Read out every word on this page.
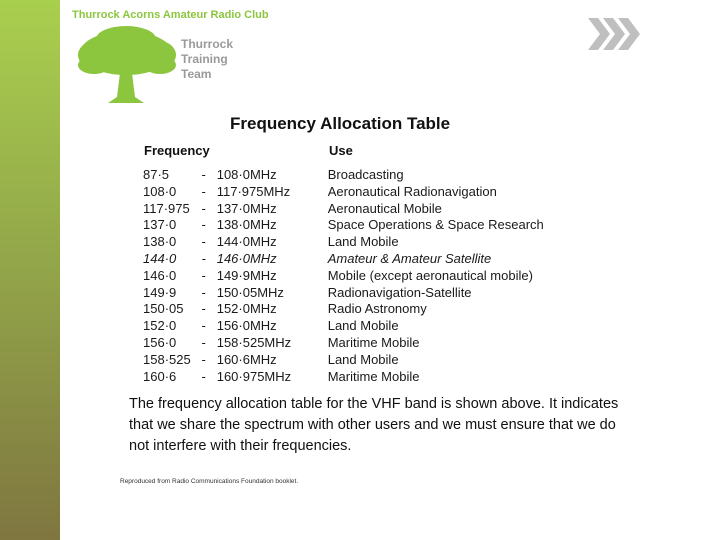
Thurrock Acorns Amateur Radio Club
Thurrock
Training
Team
Frequency Allocation Table
Frequency	Use
87·5	-	108·0MHz	Broadcasting
108·0	-	117·975MHz	Aeronautical Radionavigation
117·975	-	137·0MHz	Aeronautical Mobile
137·0	-	138·0MHz	Space Operations & Space Research
138·0	-	144·0MHz	Land Mobile
144·0	-	146·0MHz	Amateur & Amateur Satellite
146·0	-	149·9MHz	Mobile (except aeronautical mobile)
149·9	-	150·05MHz	Radionavigation-Satellite
150·05	-	152·0MHz	Radio Astronomy
152·0	-	156·0MHz	Land Mobile
156·0	-	158·525MHz	Maritime Mobile
158·525	-	160·6MHz	Land Mobile
160·6	-	160·975MHz	Maritime Mobile
The frequency allocation table for the VHF band is shown above. It indicates that we share the spectrum with other users and we must ensure that we do not interfere with their frequencies.
Reproduced from Radio Communications Foundation booklet.
